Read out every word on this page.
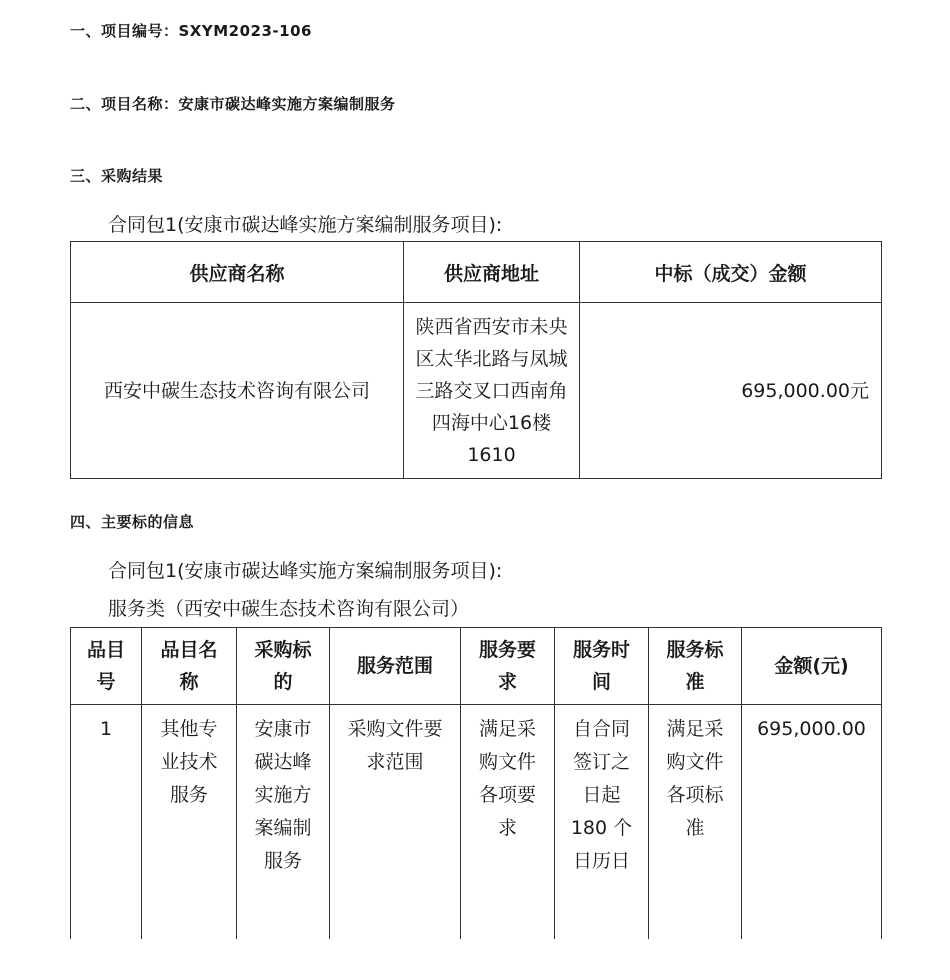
一、项目编号：SXYM2023-106
二、项目名称：安康市碳达峰实施方案编制服务
三、采购结果
合同包1(安康市碳达峰实施方案编制服务项目):
供应商名称	供应商地址	中标（成交）金额
西安中碳生态技术咨询有限公司	陕西省西安市未央区太华北路与凤城三路交叉口西南角四海中心16楼1610	695,000.00元
四、主要标的信息
合同包1(安康市碳达峰实施方案编制服务项目):
服务类（西安中碳生态技术咨询有限公司）
品目号	品目名称	采购标的	服务范围	服务要求	服务时间	服务标准	金额(元)
1	其他专业技术服务	安康市碳达峰实施方案编制服务	采购文件要求范围	满足采购文件各项要求	自合同签订之日起 180 个日历日	满足采购文件各项标准	695,000.00
